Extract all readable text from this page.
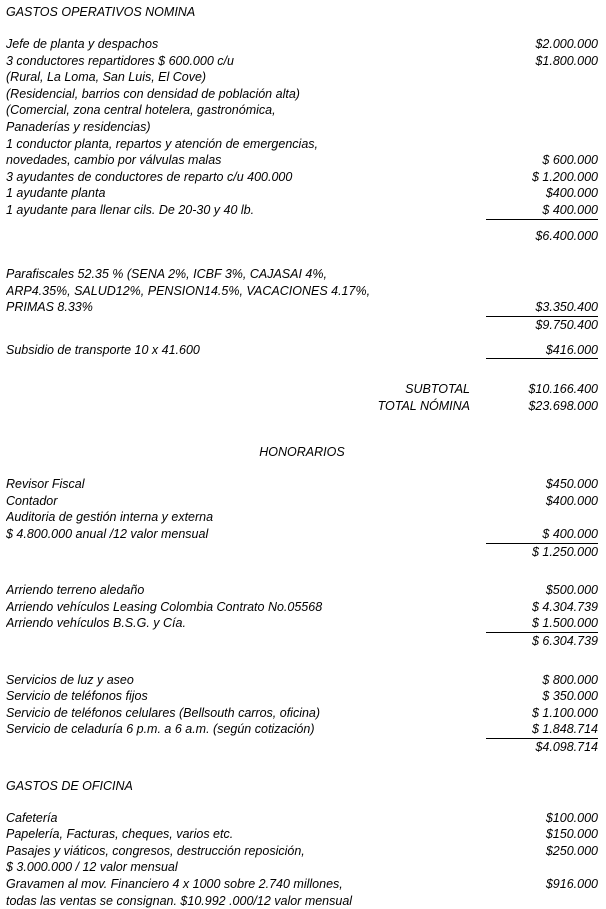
GASTOS OPERATIVOS NOMINA
Jefe de planta y despachos	$2.000.000
3 conductores repartidores $ 600.000 c/u	$1.800.000
(Rural, La Loma, San Luis, El Cove)
(Residencial, barrios con densidad de población alta)
(Comercial, zona central hotelera, gastronómica,
Panaderías y residencias)
1 conductor planta, repartos y atención de emergencias,
novedades, cambio por válvulas malas	$ 600.000
3 ayudantes de conductores de reparto c/u 400.000	$ 1.200.000
1 ayudante planta	$400.000
1 ayudante para llenar cils. De 20-30 y 40 lb.	$ 400.000
$6.400.000
Parafiscales 52.35 % (SENA 2%, ICBF 3%, CAJASAI 4%,
ARP4.35%, SALUD12%, PENSION14.5%, VACACIONES 4.17%,
PRIMAS 8.33%	$3.350.400
$9.750.400
Subsidio de transporte 10 x 41.600	$416.000
SUBTOTAL	$10.166.400
TOTAL NÓMINA	$23.698.000
HONORARIOS
Revisor Fiscal	$450.000
Contador	$400.000
Auditoria de gestión interna y externa
$ 4.800.000 anual /12 valor mensual	$ 400.000
$ 1.250.000
Arriendo terreno aledaño	$500.000
Arriendo vehículos Leasing Colombia Contrato No.05568	$ 4.304.739
Arriendo vehículos B.S.G. y Cía.	$ 1.500.000
$ 6.304.739
Servicios de luz y aseo	$ 800.000
Servicio de teléfonos fijos	$ 350.000
Servicio de teléfonos celulares (Bellsouth carros, oficina)	$ 1.100.000
Servicio de celaduría 6 p.m. a 6 a.m. (según cotización)	$ 1.848.714
$4.098.714
GASTOS DE OFICINA
Cafetería	$100.000
Papelería, Facturas, cheques, varios etc.	$150.000
Pasajes y viáticos, congresos, destrucción reposición,	$250.000
$ 3.000.000 / 12 valor mensual
Gravamen al mov. Financiero 4 x 1000 sobre 2.740 millones,	$916.000
todas las ventas se consignan. $10.992 .000/12 valor mensual
